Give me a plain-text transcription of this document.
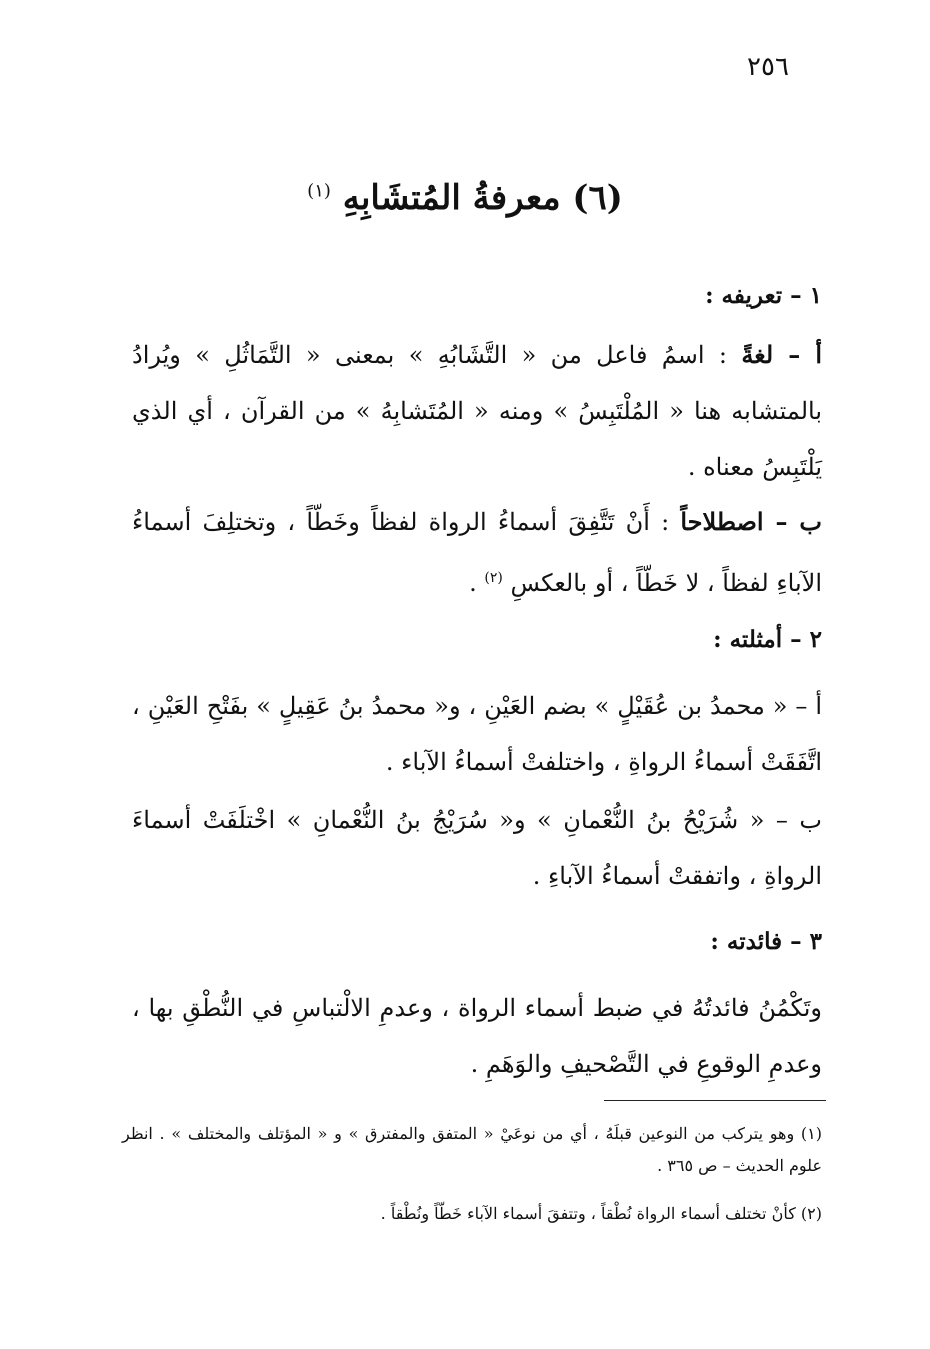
٢٥٦
(٦) معرفةُ المُتشَابِهِ $^{(١)}$
١ – تعريفه :
أ – لغةً : اسمُ فاعل من « التَّشَابُهِ » بمعنى « التَّمَاثُلِ » ويُرادُ بالمتشابه هنا « المُلْتَبِسُ » ومنه « المُتَشابِهُ » من القرآن ، أي الذي يَلْتَبِسُ معناه .
ب – اصطلاحاً : أَنْ تَتَّفِقَ أسماءُ الرواة لفظاً وخَطّاً ، وتختلِفَ أسماءُ الآباءِ لفظاً ، لا خَطّاً ، أو بالعكسِ $^{(٢)}$ .
٢ – أمثلته :
أ – « محمدُ بن عُقَيْلٍ » بضم العَيْنِ ، و« محمدُ بنُ عَقِيلٍ » بفَتْحِ العَيْنِ ، اتَّفَقَتْ أسماءُ الرواةِ ، واختلفتْ أسماءُ الآباء .
ب – « شُرَيْحُ بنُ النُّعْمانِ » و« سُرَيْجُ بنُ النُّعْمانِ » اخْتلَفَتْ أسماءَ الرواةِ ، واتفقتْ أسماءُ الآباءِ .
٣ – فائدته :
وتَكْمُنُ فائدتُهُ في ضبط أسماء الرواة ، وعدمِ الالْتباسِ في النُّطْقِ بها ، وعدمِ الوقوعِ في التَّصْحيفِ والوَهَمِ .
(١) وهو يتركب من النوعين قبلَهُ ، أي من نوعَيْ « المتفق والمفترق » و « المؤتلف والمختلف » . انظر علوم الحديث – ص ٣٦٥ .
(٢) كأنْ تختلف أسماء الرواة نُطْقاً ، وتتفقَ أسماء الآباء خَطّاً ونُطْقاً .
